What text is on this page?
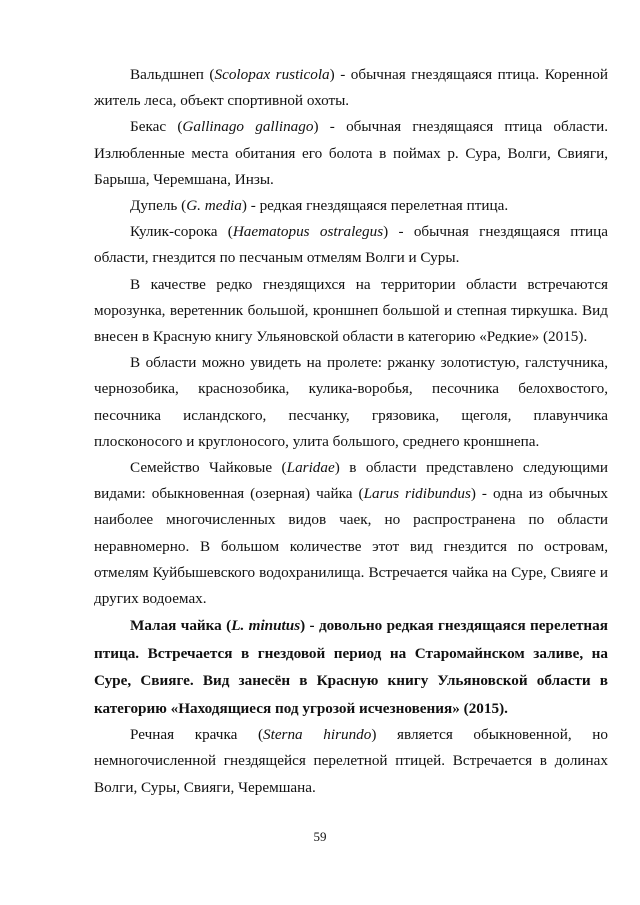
Вальдшнеп (Scolopax rusticola) - обычная гнездящаяся птица. Коренной житель леса, объект спортивной охоты.

Бекас (Gallinago gallinago) - обычная гнездящаяся птица области. Излюбленные места обитания его болота в поймах р. Сура, Волги, Свияги, Барыша, Черемшана, Инзы.

Дупель (G. media) - редкая гнездящаяся перелетная птица.

Кулик-сорока (Haematopus ostralegus) - обычная гнездящаяся птица области, гнездится по песчаным отмелям Волги и Суры.

В качестве редко гнездящихся на территории области встречаются морозунка, веретенник большой, кроншнеп большой и степная тиркушка. Вид внесен в Красную книгу Ульяновской области в категорию «Редкие» (2015).

В области можно увидеть на пролете: ржанку золотистую, галстучника, чернозобика, краснозобика, кулика-воробья, песочника белохвостого, песочника исландского, песчанку, грязовика, щеголя, плавунчика плосконосого и круглоносого, улита большого, среднего кроншнепа.

Семейство Чайковые (Laridae) в области представлено следующими видами: обыкновенная (озерная) чайка (Larus ridibundus) - одна из обычных наиболее многочисленных видов чаек, но распространена по области неравномерно. В большом количестве этот вид гнездится по островам, отмелям Куйбышевского водохранилища. Встречается чайка на Суре, Свияге и других водоемах.

Малая чайка (L. minutus) - довольно редкая гнездящаяся перелетная птица. Встречается в гнездовой период на Старомайнском заливе, на Суре, Свияге. Вид занесён в Красную книгу Ульяновской области в категорию «Находящиеся под угрозой исчезновения» (2015).

Речная крачка (Sterna hirundo) является обыкновенной, но немногочисленной гнездящейся перелетной птицей. Встречается в долинах Волги, Суры, Свияги, Черемшана.

59
